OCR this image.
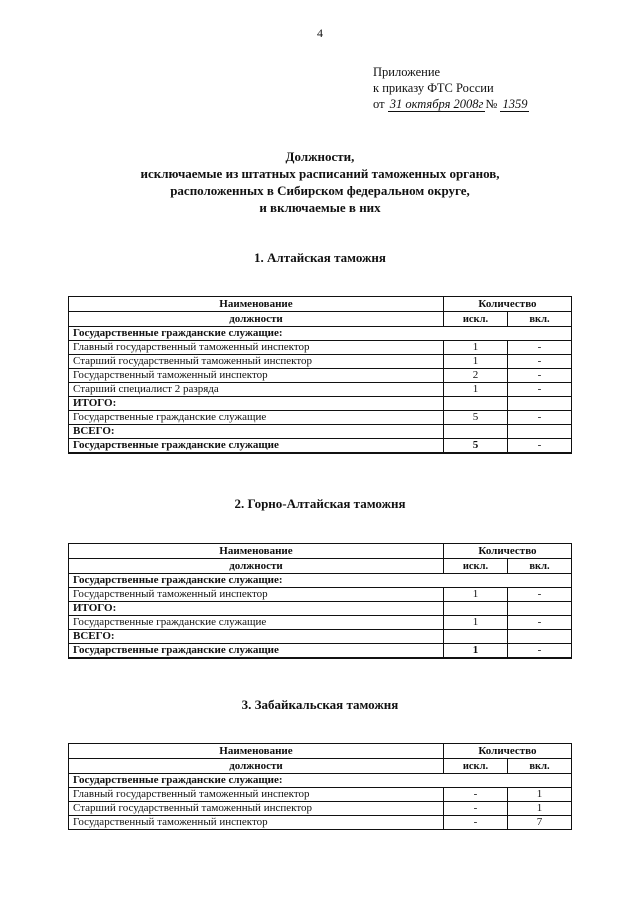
4
Приложение
к приказу ФТС России
от 31 октября 2008г № 1359
Должности,
исключаемые из штатных расписаний таможенных органов,
расположенных в Сибирском федеральном округе,
и включаемые в них
1. Алтайская таможня
Наименование	Количество	
должности	искл.	вкл.
Государственные гражданские служащие:		
Главный государственный таможенный инспектор	1	-
Старший государственный таможенный инспектор	1	-
Государственный таможенный инспектор	2	-
Старший специалист 2 разряда	1	-
ИТОГО:		
Государственные гражданские служащие	5	-
ВСЕГО:		
Государственные гражданские служащие	5	-
2. Горно-Алтайская таможня
Наименование	Количество	
должности	искл.	вкл.
Государственные гражданские служащие:		
Государственный таможенный инспектор	1	-
ИТОГО:		
Государственные гражданские служащие	1	-
ВСЕГО:		
Государственные гражданские служащие	1	-
3. Забайкальская таможня
Наименование	Количество	
должности	искл.	вкл.
Государственные гражданские служащие:		
Главный государственный таможенный инспектор	-	1
Старший государственный таможенный инспектор	-	1
Государственный таможенный инспектор	-	7
